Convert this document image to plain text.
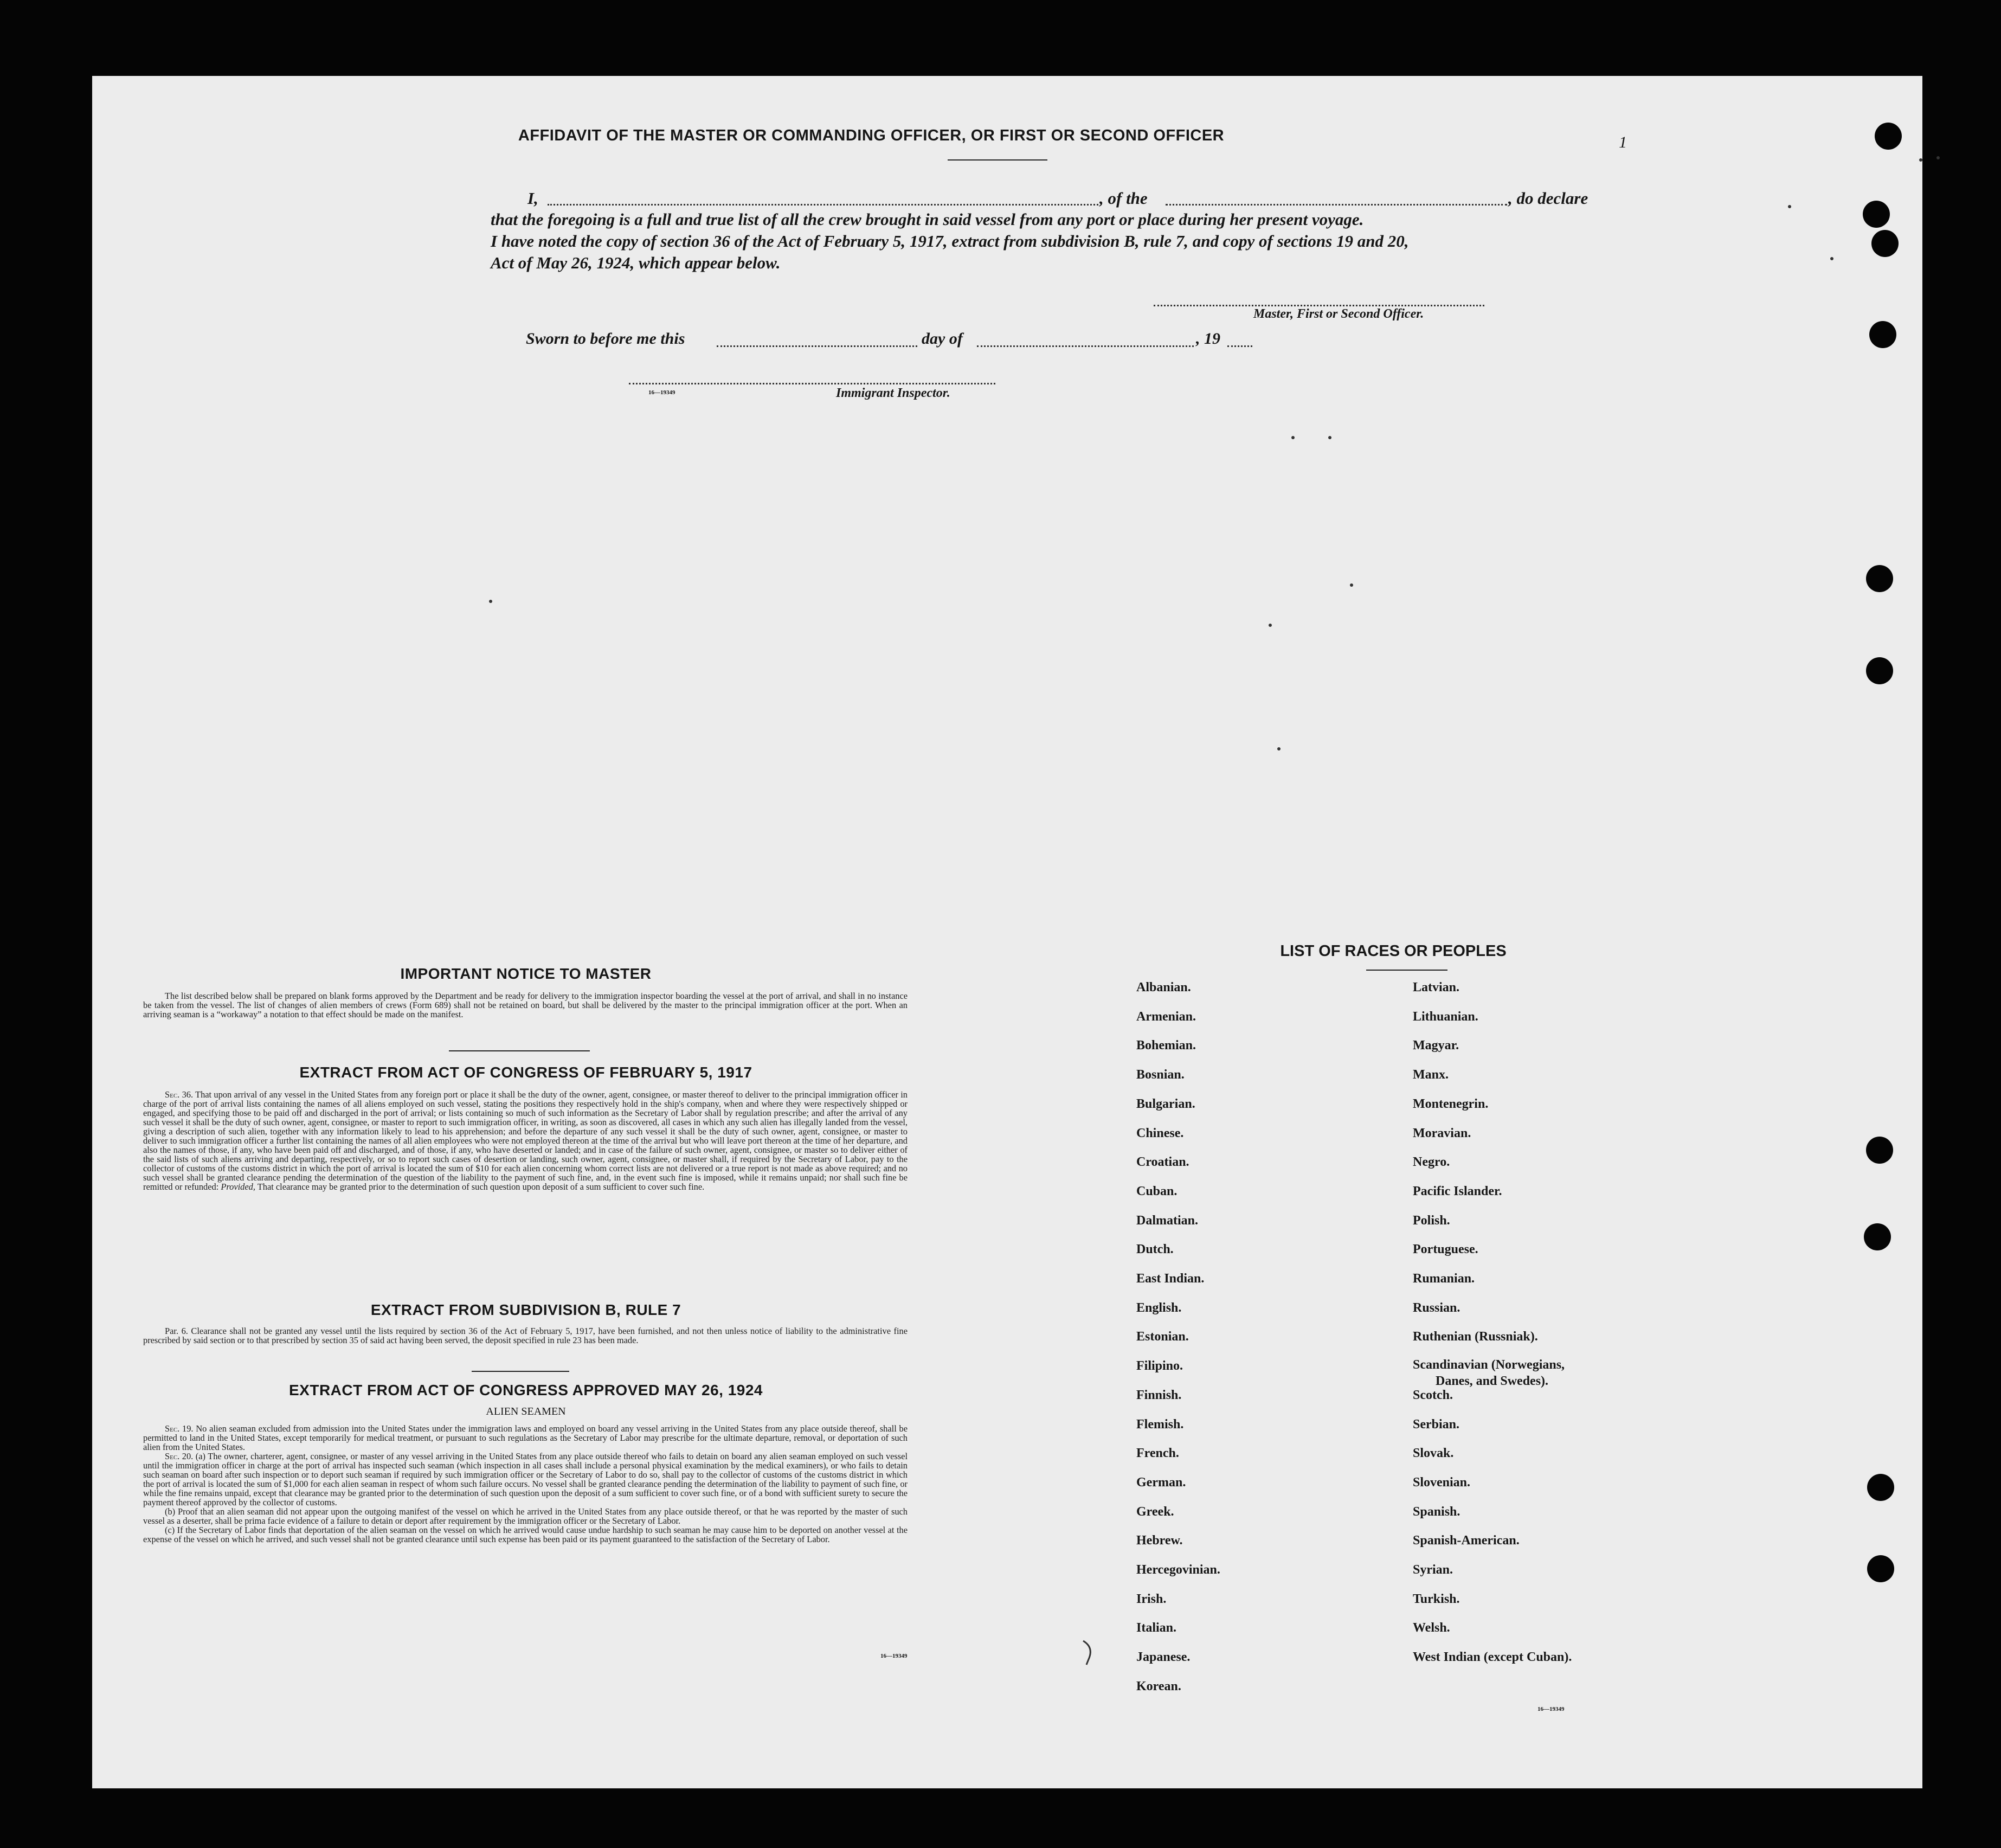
AFFIDAVIT OF THE MASTER OR COMMANDING OFFICER, OR FIRST OR SECOND OFFICER	1
I,	, of the	, do declare
that the foregoing is a full and true list of all the crew brought in said vessel from any port or place during her present voyage.
I have noted the copy of section 36 of the Act of February 5, 1917, extract from subdivision B, rule 7, and copy of sections 19 and 20,
Act of May 26, 1924, which appear below.
Master, First or Second Officer.
Sworn to before me this	day of	, 19
16—19349	Immigrant Inspector.
IMPORTANT NOTICE TO MASTER

The list described below shall be prepared on blank forms approved by the Department and be ready for delivery to the immigration inspector boarding the vessel at the port of arrival, and shall in no instance be taken from the vessel. The list of changes of alien members of crews (Form 689) shall not be retained on board, but shall be delivered by the master to the principal immigration officer at the port. When an arriving seaman is a “workaway” a notation to that effect should be made on the manifest.

EXTRACT FROM ACT OF CONGRESS OF FEBRUARY 5, 1917

Sec. 36. That upon arrival of any vessel in the United States from any foreign port or place it shall be the duty of the owner, agent, consignee, or master thereof to deliver to the principal immigration officer in charge of the port of arrival lists containing the names of all aliens employed on such vessel, stating the positions they respectively hold in the ship's company, when and where they were respectively shipped or engaged, and specifying those to be paid off and discharged in the port of arrival; or lists containing so much of such information as the Secretary of Labor shall by regulation prescribe; and after the arrival of any such vessel it shall be the duty of such owner, agent, consignee, or master to report to such immigration officer, in writing, as soon as discovered, all cases in which any such alien has illegally landed from the vessel, giving a description of such alien, together with any information likely to lead to his apprehension; and before the departure of any such vessel it shall be the duty of such owner, agent, consignee, or master to deliver to such immigration officer a further list containing the names of all alien employees who were not employed thereon at the time of the arrival but who will leave port thereon at the time of her departure, and also the names of those, if any, who have been paid off and discharged, and of those, if any, who have deserted or landed; and in case of the failure of such owner, agent, consignee, or master so to deliver either of the said lists of such aliens arriving and departing, respectively, or so to report such cases of desertion or landing, such owner, agent, consignee, or master shall, if required by the Secretary of Labor, pay to the collector of customs of the customs district in which the port of arrival is located the sum of $10 for each alien concerning whom correct lists are not delivered or a true report is not made as above required; and no such vessel shall be granted clearance pending the determination of the question of the liability to the payment of such fine, and, in the event such fine is imposed, while it remains unpaid; nor shall such fine be remitted or refunded: Provided, That clearance may be granted prior to the determination of such question upon deposit of a sum sufficient to cover such fine.

EXTRACT FROM SUBDIVISION B, RULE 7

Par. 6. Clearance shall not be granted any vessel until the lists required by section 36 of the Act of February 5, 1917, have been furnished, and not then unless notice of liability to the administrative fine prescribed by said section or to that prescribed by section 35 of said act having been served, the deposit specified in rule 23 has been made.

EXTRACT FROM ACT OF CONGRESS APPROVED MAY 26, 1924
ALIEN SEAMEN

Sec. 19. No alien seaman excluded from admission into the United States under the immigration laws and employed on board any vessel arriving in the United States from any place outside thereof, shall be permitted to land in the United States, except temporarily for medical treatment, or pursuant to such regulations as the Secretary of Labor may prescribe for the ultimate departure, removal, or deportation of such alien from the United States.

Sec. 20. (a) The owner, charterer, agent, consignee, or master of any vessel arriving in the United States from any place outside thereof who fails to detain on board any alien seaman employed on such vessel until the immigration officer in charge at the port of arrival has inspected such seaman (which inspection in all cases shall include a personal physical examination by the medical examiners), or who fails to detain such seaman on board after such inspection or to deport such seaman if required by such immigration officer or the Secretary of Labor to do so, shall pay to the collector of customs of the customs district in which the port of arrival is located the sum of $1,000 for each alien seaman in respect of whom such failure occurs. No vessel shall be granted clearance pending the determination of the liability to payment of such fine, or while the fine remains unpaid, except that clearance may be granted prior to the determination of such question upon the deposit of a sum sufficient to cover such fine, or of a bond with sufficient surety to secure the payment thereof approved by the collector of customs.

(b) Proof that an alien seaman did not appear upon the outgoing manifest of the vessel on which he arrived in the United States from any place outside thereof, or that he was reported by the master of such vessel as a deserter, shall be prima facie evidence of a failure to detain or deport after requirement by the immigration officer or the Secretary of Labor.

(c) If the Secretary of Labor finds that deportation of the alien seaman on the vessel on which he arrived would cause undue hardship to such seaman he may cause him to be deported on another vessel at the expense of the vessel on which he arrived, and such vessel shall not be granted clearance until such expense has been paid or its payment guaranteed to the satisfaction of the Secretary of Labor.

16—19349
LIST OF RACES OR PEOPLES
Albanian.
Armenian.
Bohemian.
Bosnian.
Bulgarian.
Chinese.
Croatian.
Cuban.
Dalmatian.
Dutch.
East Indian.
English.
Estonian.
Filipino.
Finnish.
Flemish.
French.
German.
Greek.
Hebrew.
Hercegovinian.
Irish.
Italian.
Japanese.
Korean.
Latvian.
Lithuanian.
Magyar.
Manx.
Montenegrin.
Moravian.
Negro.
Pacific Islander.
Polish.
Portuguese.
Rumanian.
Russian.
Ruthenian (Russniak).
Scandinavian (Norwegians,
Danes, and Swedes).
Scotch.
Serbian.
Slovak.
Slovenian.
Spanish.
Spanish-American.
Syrian.
Turkish.
Welsh.
West Indian (except Cuban).
16—19349
